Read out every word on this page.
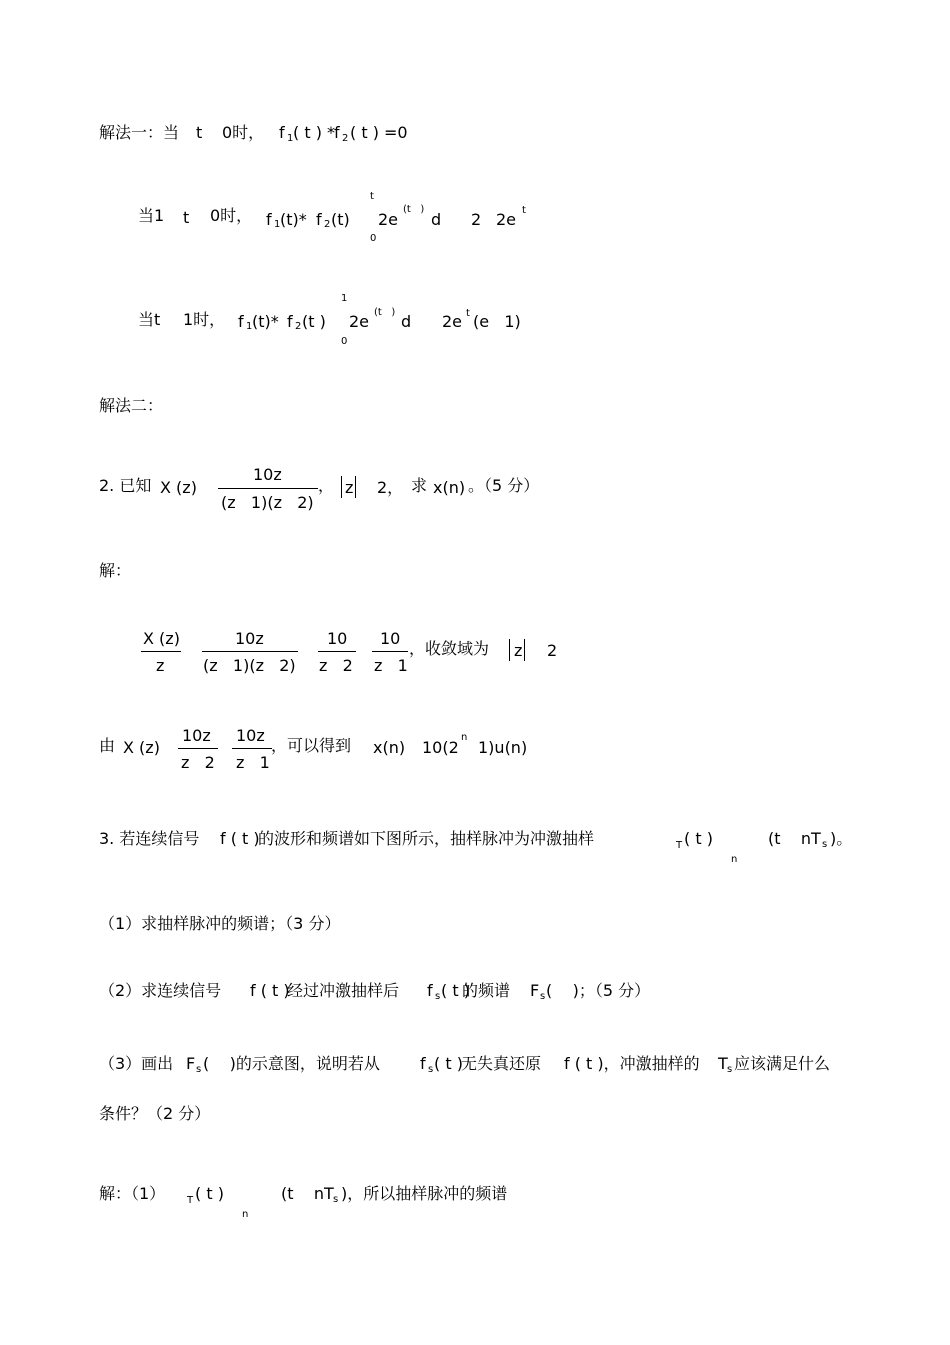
解法一：当 t 0时， f 1 ( t ) *
f 2 ( t ) =0
当1 t 0时， f 1 (t)* f 2 (t)
t
0
2e
(t   )
d 2 2e t
当t 1时， f 1 (t)* f 2 (t )
1
0
2e (t   ) d 2e t (e   1)
解法二：
2. 已知 X (z)
10z
(z   1)(z   2)
， z 2， 求 x(n) 。（5 分）
解：
X (z)
z
10z
(z   1)(z   2)
10
z   2
10
z   1
，收敛域为 z 2
由 X (z)
10z
z   2
10z
z   1
，可以得到 x(n) 10(2
n
1)u(n)
3. 若连续信号 f ( t )
的波形和频谱如下图所示，抽样脉冲为冲激抽样	T ( t )
n
(t    nT s )。
（1）求抽样脉冲的频谱；（3 分）
（2）求连续信号 f ( t )
经过冲激抽样后 f s ( t )
的频谱 F s (    )；（5 分）
（3）画出 F s (    )的示意图，说明若从	f s ( t )
无失真还原 f ( t )，冲激抽样的 T s 应该满足什么
条件？（2 分）
解：（1） T ( t )
n
(t    nT s )，所以抽样脉冲的频谱
